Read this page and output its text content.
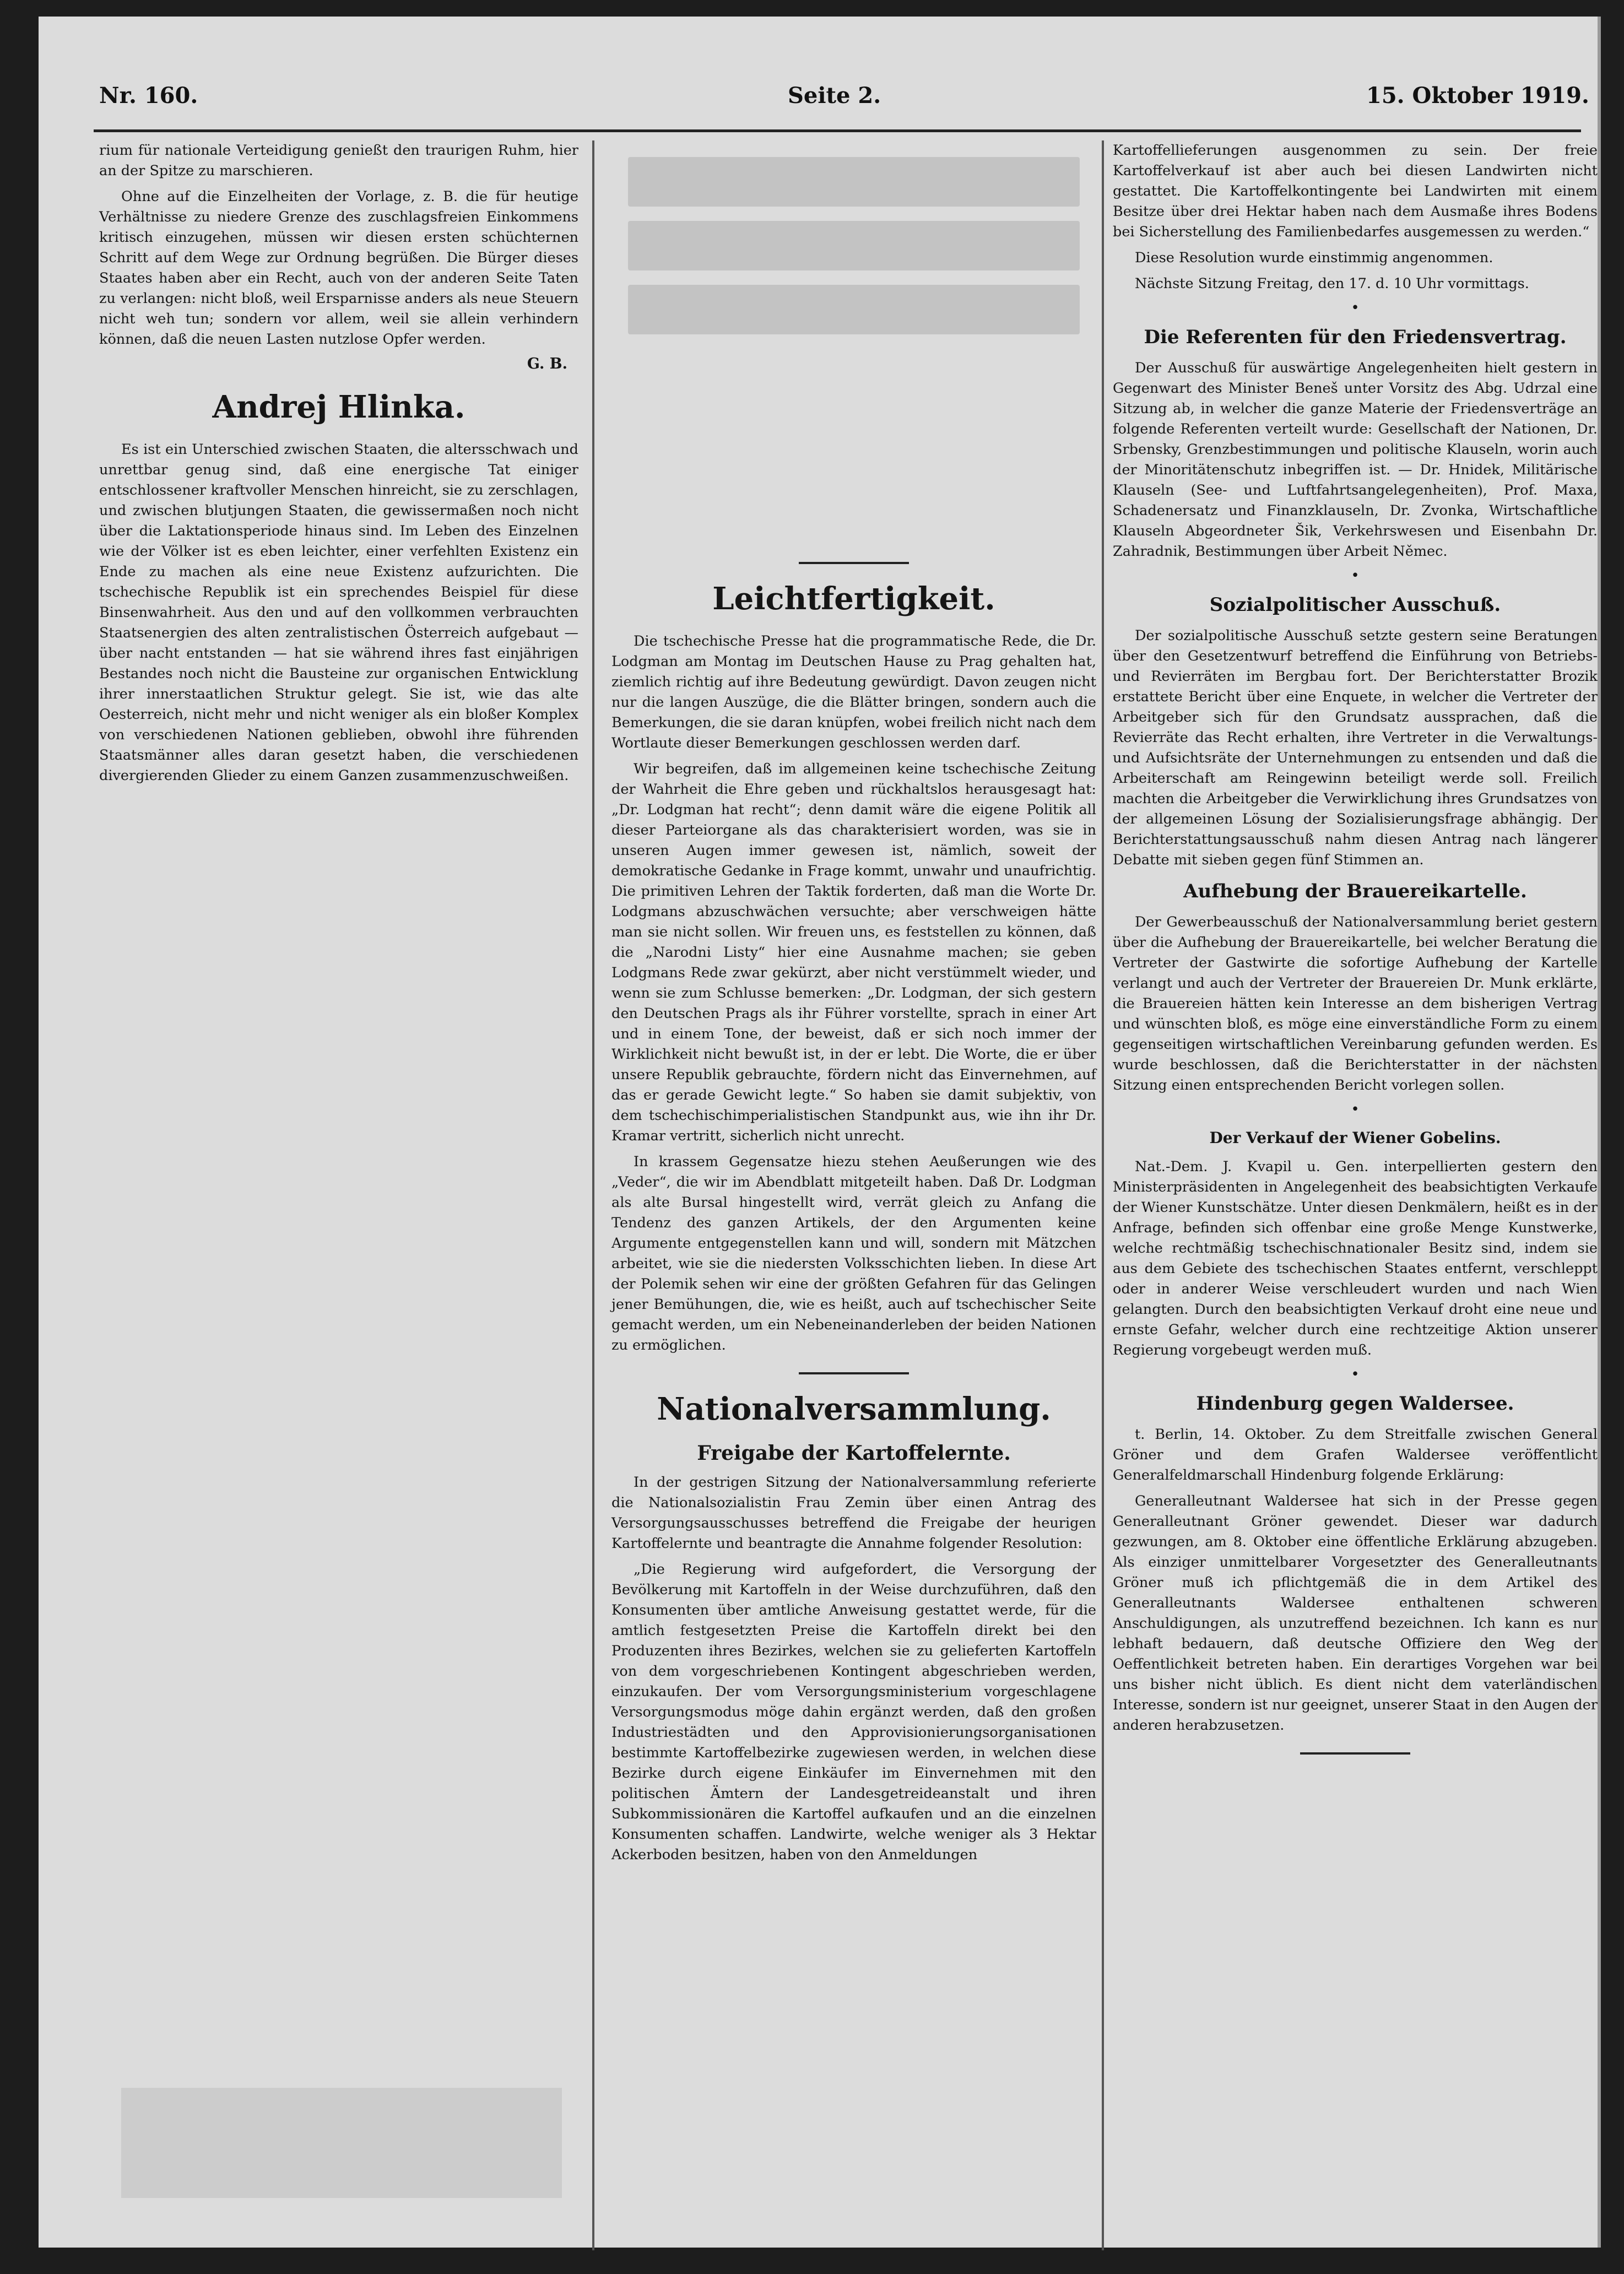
Nr. 160.	Seite 2.	15. Oktober 1919.

rium für nationale Verteidigung genießt den traurigen Ruhm, hier an der Spitze zu marschieren.

Ohne auf die Einzelheiten der Vorlage, z. B. die für heutige Verhältnisse zu niedere Grenze des zuschlagsfreien Einkommens kritisch einzugehen, müssen wir diesen ersten schüchternen Schritt auf dem Wege zur Ordnung begrüßen. Die Bürger dieses Staates haben aber ein Recht, auch von der anderen Seite Taten zu verlangen: nicht bloß, weil Ersparnisse anders als neue Steuern nicht weh tun; sondern vor allem, weil sie allein verhindern können, daß die neuen Lasten nutzlose Opfer werden.

G. B.
Andrej Hlinka.

Es ist ein Unterschied zwischen Staaten, die altersschwach und unrettbar genug sind, daß eine energische Tat einiger entschlossener kraftvoller Menschen hinreicht, sie zu zerschlagen, und zwischen blutjungen Staaten, die gewissermaßen noch nicht über die Laktationsperiode hinaus sind. Im Leben des Einzelnen wie der Völker ist es eben leichter, einer verfehlten Existenz ein Ende zu machen als eine neue Existenz aufzurichten. Die tschechische Republik ist ein sprechendes Beispiel für diese Binsenwahrheit. Aus den und auf den vollkommen verbrauchten Staatsenergien des alten zentralistischen Österreich aufgebaut — über nacht entstanden — hat sie während ihres fast einjährigen Bestandes noch nicht die Bausteine zur organischen Entwicklung ihrer innerstaatlichen Struktur gelegt. Sie ist, wie das alte Oesterreich, nicht mehr und nicht weniger als ein bloßer Komplex von verschiedenen Nationen geblieben, obwohl ihre führenden Staatsmänner alles daran gesetzt haben, die verschiedenen divergierenden Glieder zu einem Ganzen zusammenzuschweißen.

Leichtfertigkeit.

Die tschechische Presse hat die programmatische Rede, die Dr. Lodgman am Montag im Deutschen Hause zu Prag gehalten hat, ziemlich richtig auf ihre Bedeutung gewürdigt. Davon zeugen nicht nur die langen Auszüge, die die Blätter bringen, sondern auch die Bemerkungen, die sie daran knüpfen, wobei freilich nicht nach dem Wortlaute dieser Bemerkungen geschlossen werden darf.

Wir begreifen, daß im allgemeinen keine tschechische Zeitung der Wahrheit die Ehre geben und rückhaltslos herausgesagt hat: „Dr. Lodgman hat recht“; denn damit wäre die eigene Politik all dieser Parteiorgane als das charakterisiert worden, was sie in unseren Augen immer gewesen ist, nämlich, soweit der demokratische Gedanke in Frage kommt, unwahr und unaufrichtig. Die primitiven Lehren der Taktik forderten, daß man die Worte Dr. Lodgmans abzuschwächen versuchte; aber verschweigen hätte man sie nicht sollen. Wir freuen uns, es feststellen zu können, daß die „Narodni Listy“ hier eine Ausnahme machen; sie geben Lodgmans Rede zwar gekürzt, aber nicht verstümmelt wieder, und wenn sie zum Schlusse bemerken: „Dr. Lodgman, der sich gestern den Deutschen Prags als ihr Führer vorstellte, sprach in einer Art und in einem Tone, der beweist, daß er sich noch immer der Wirklichkeit nicht bewußt ist, in der er lebt. Die Worte, die er über unsere Republik gebrauchte, fördern nicht das Einvernehmen, auf das er gerade Gewicht legte.“ So haben sie damit subjektiv, von dem tschechischimperialistischen Standpunkt aus, wie ihn ihr Dr. Kramar vertritt, sicherlich nicht unrecht.

In krassem Gegensatze hiezu stehen Aeußerungen wie des „Veder“, die wir im Abendblatt mitgeteilt haben. Daß Dr. Lodgman als alte Bursal hingestellt wird, verrät gleich zu Anfang die Tendenz des ganzen Artikels, der den Argumenten keine Argumente entgegenstellen kann und will, sondern mit Mätzchen arbeitet, wie sie die niedersten Volksschichten lieben. In diese Art der Polemik sehen wir eine der größten Gefahren für das Gelingen jener Bemühungen, die, wie es heißt, auch auf tschechischer Seite gemacht werden, um ein Nebeneinanderleben der beiden Nationen zu ermöglichen.

Nationalversammlung.
Freigabe der Kartoffelernte.

In der gestrigen Sitzung der Nationalversammlung referierte die Nationalsozialistin Frau Zemin über einen Antrag des Versorgungsausschusses betreffend die Freigabe der heurigen Kartoffelernte und beantragte die Annahme folgender Resolution:

„Die Regierung wird aufgefordert, die Versorgung der Bevölkerung mit Kartoffeln in der Weise durchzuführen, daß den Konsumenten über amtliche Anweisung gestattet werde, für die amtlich festgesetzten Preise die Kartoffeln direkt bei den Produzenten ihres Bezirkes, welchen sie zu gelieferten Kartoffeln von dem vorgeschriebenen Kontingent abgeschrieben werden, einzukaufen. Der vom Versorgungsministerium vorgeschlagene Versorgungsmodus möge dahin ergänzt werden, daß den großen Industriestädten und den Approvisionierungsorganisationen bestimmte Kartoffelbezirke zugewiesen werden, in welchen diese Bezirke durch eigene Einkäufer im Einvernehmen mit den politischen Ämtern der Landesgetreideanstalt und ihren Subkommissionären die Kartoffel aufkaufen und an die einzelnen Konsumenten schaffen. Landwirte, welche weniger als 3 Hektar Ackerboden besitzen, haben von den Anmeldungen

Kartoffellieferungen ausgenommen zu sein. Der freie Kartoffelverkauf ist aber auch bei diesen Landwirten nicht gestattet. Die Kartoffelkontingente bei Landwirten mit einem Besitze über drei Hektar haben nach dem Ausmaße ihres Bodens bei Sicherstellung des Familienbedarfes ausgemessen zu werden.“

Diese Resolution wurde einstimmig angenommen.

Nächste Sitzung Freitag, den 17. d. 10 Uhr vormittags.

•
Die Referenten für den Friedensvertrag.

Der Ausschuß für auswärtige Angelegenheiten hielt gestern in Gegenwart des Minister Beneš unter Vorsitz des Abg. Udrzal eine Sitzung ab, in welcher die ganze Materie der Friedensverträge an folgende Referenten verteilt wurde: Gesellschaft der Nationen, Dr. Srbensky, Grenzbestimmungen und politische Klauseln, worin auch der Minoritätenschutz inbegriffen ist. — Dr. Hnidek, Militärische Klauseln (See- und Luftfahrtsangelegenheiten), Prof. Maxa, Schadenersatz und Finanzklauseln, Dr. Zvonka, Wirtschaftliche Klauseln Abgeordneter Šik, Verkehrswesen und Eisenbahn Dr. Zahradnik, Bestimmungen über Arbeit Němec.

•
Sozialpolitischer Ausschuß.

Der sozialpolitische Ausschuß setzte gestern seine Beratungen über den Gesetzentwurf betreffend die Einführung von Betriebs- und Revierräten im Bergbau fort. Der Berichterstatter Brozik erstattete Bericht über eine Enquete, in welcher die Vertreter der Arbeitgeber sich für den Grundsatz aussprachen, daß die Revierräte das Recht erhalten, ihre Vertreter in die Verwaltungs- und Aufsichtsräte der Unternehmungen zu entsenden und daß die Arbeiterschaft am Reingewinn beteiligt werde soll. Freilich machten die Arbeitgeber die Verwirklichung ihres Grundsatzes von der allgemeinen Lösung der Sozialisierungsfrage abhängig. Der Berichterstattungsausschuß nahm diesen Antrag nach längerer Debatte mit sieben gegen fünf Stimmen an.

Aufhebung der Brauereikartelle.

Der Gewerbeausschuß der Nationalversammlung beriet gestern über die Aufhebung der Brauereikartelle, bei welcher Beratung die Vertreter der Gastwirte die sofortige Aufhebung der Kartelle verlangt und auch der Vertreter der Brauereien Dr. Munk erklärte, die Brauereien hätten kein Interesse an dem bisherigen Vertrag und wünschten bloß, es möge eine einverständliche Form zu einem gegenseitigen wirtschaftlichen Vereinbarung gefunden werden. Es wurde beschlossen, daß die Berichterstatter in der nächsten Sitzung einen entsprechenden Bericht vorlegen sollen.

•
Der Verkauf der Wiener Gobelins.

Nat.-Dem. J. Kvapil u. Gen. interpellierten gestern den Ministerpräsidenten in Angelegenheit des beabsichtigten Verkaufe der Wiener Kunstschätze. Unter diesen Denkmälern, heißt es in der Anfrage, befinden sich offenbar eine große Menge Kunstwerke, welche rechtmäßig tschechischnationaler Besitz sind, indem sie aus dem Gebiete des tschechischen Staates entfernt, verschleppt oder in anderer Weise verschleudert wurden und nach Wien gelangten. Durch den beabsichtigten Verkauf droht eine neue und ernste Gefahr, welcher durch eine rechtzeitige Aktion unserer Regierung vorgebeugt werden muß.

•
Hindenburg gegen Waldersee.

t. Berlin, 14. Oktober. Zu dem Streitfalle zwischen General Gröner und dem Grafen Waldersee veröffentlicht Generalfeldmarschall Hindenburg folgende Erklärung:

Generalleutnant Waldersee hat sich in der Presse gegen Generalleutnant Gröner gewendet. Dieser war dadurch gezwungen, am 8. Oktober eine öffentliche Erklärung abzugeben. Als einziger unmittelbarer Vorgesetzter des Generalleutnants Gröner muß ich pflichtgemäß die in dem Artikel des Generalleutnants Waldersee enthaltenen schweren Anschuldigungen, als unzutreffend bezeichnen. Ich kann es nur lebhaft bedauern, daß deutsche Offiziere den Weg der Oeffentlichkeit betreten haben. Ein derartiges Vorgehen war bei uns bisher nicht üblich. Es dient nicht dem vaterländischen Interesse, sondern ist nur geeignet, unserer Staat in den Augen der anderen herabzusetzen.
